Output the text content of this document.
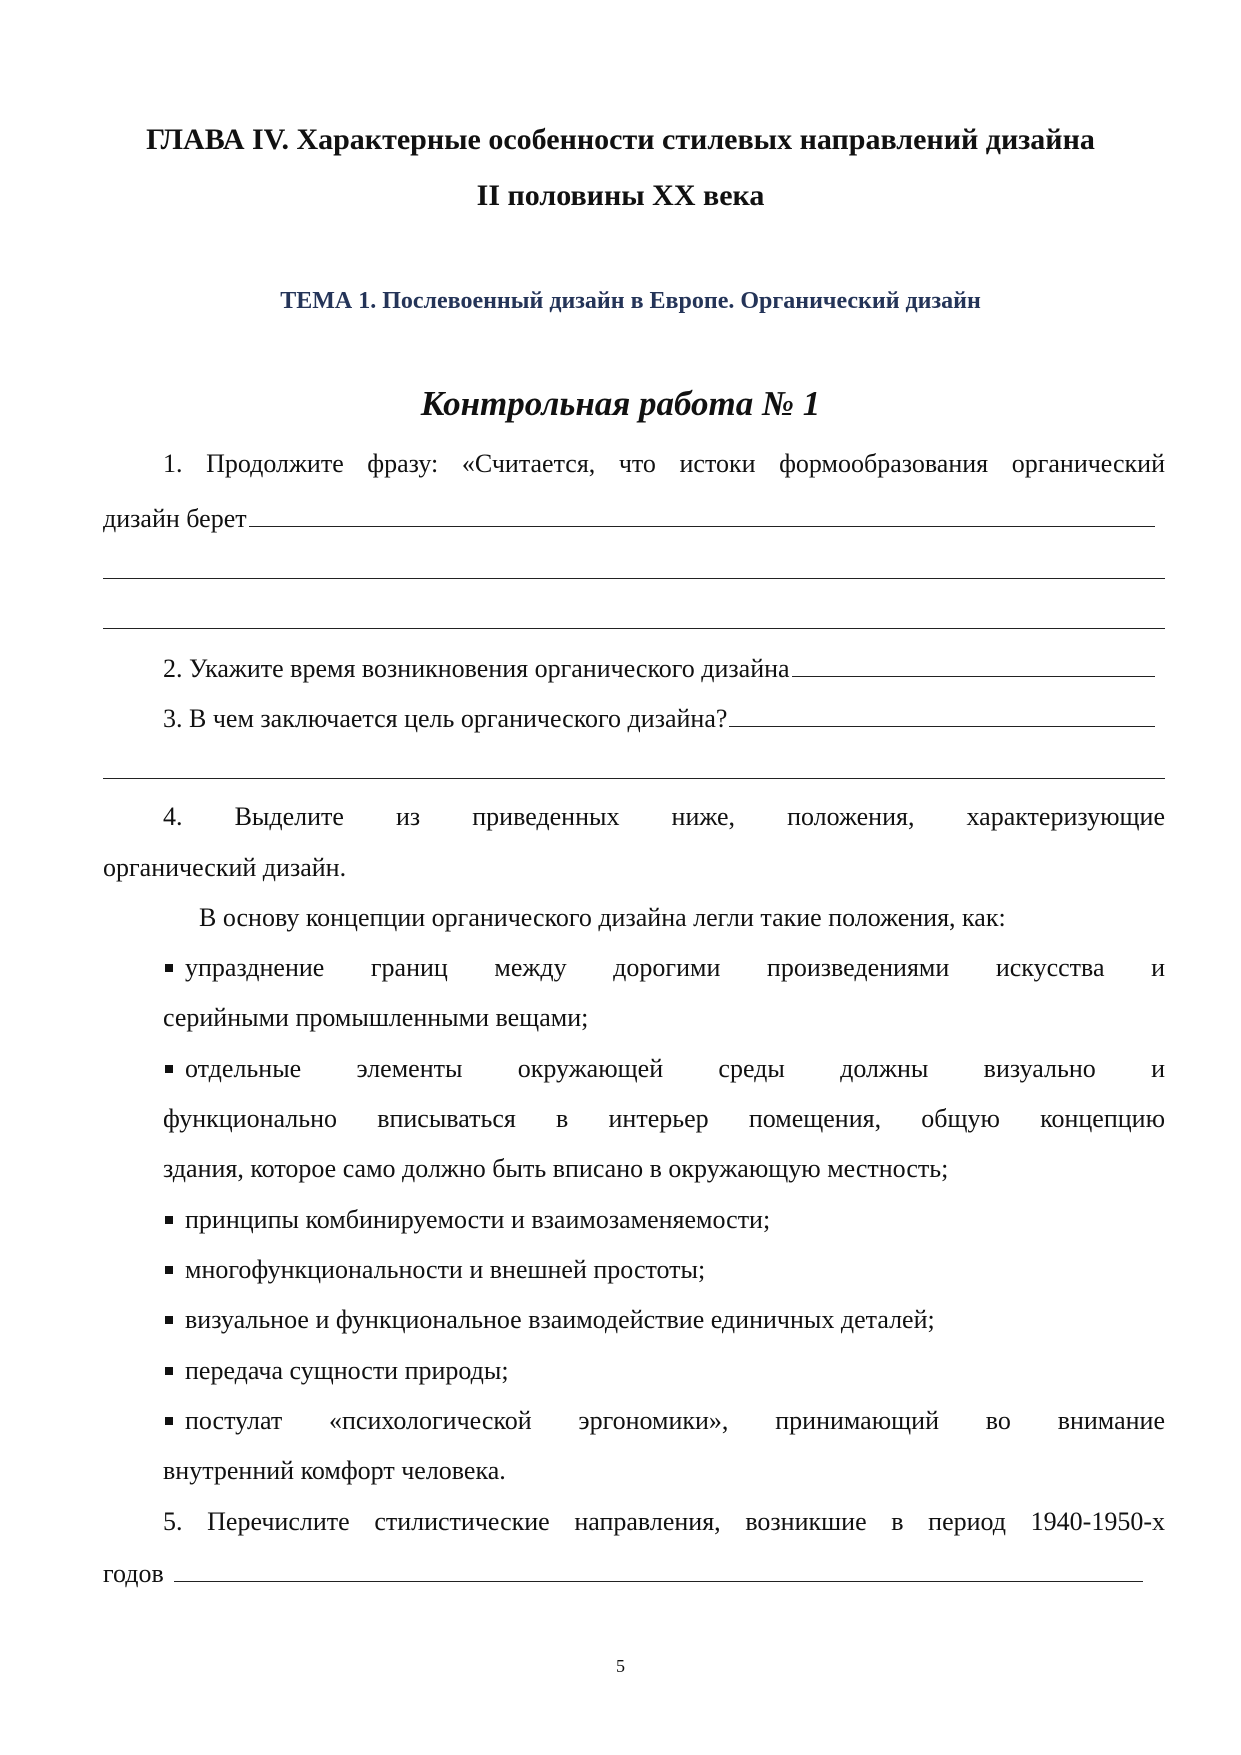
ГЛАВА IV. Характерные особенности стилевых направлений дизайна
II половины XX века
ТЕМА 1. Послевоенный дизайн в Европе. Органический дизайн
Контрольная работа № 1
1. Продолжите фразу: «Считается, что истоки формообразования органический
дизайн берет
2. Укажите время возникновения органического дизайна
3. В чем заключается цель органического дизайна?
4. Выделите из приведенных ниже, положения, характеризующие
органический дизайн.
В основу концепции органического дизайна легли такие положения, как:
упразднение границ между дорогими произведениями искусства и
серийными промышленными вещами;
отдельные элементы окружающей среды должны визуально и
функционально вписываться в интерьер помещения, общую концепцию
здания, которое само должно быть вписано в окружающую местность;
принципы комбинируемости и взаимозаменяемости;
многофункциональности и внешней простоты;
визуальное и функциональное взаимодействие единичных деталей;
передача сущности природы;
постулат «психологической эргономики», принимающий во внимание
внутренний комфорт человека.
5. Перечислите стилистические направления, возникшие в период 1940-1950-х
годов
5
